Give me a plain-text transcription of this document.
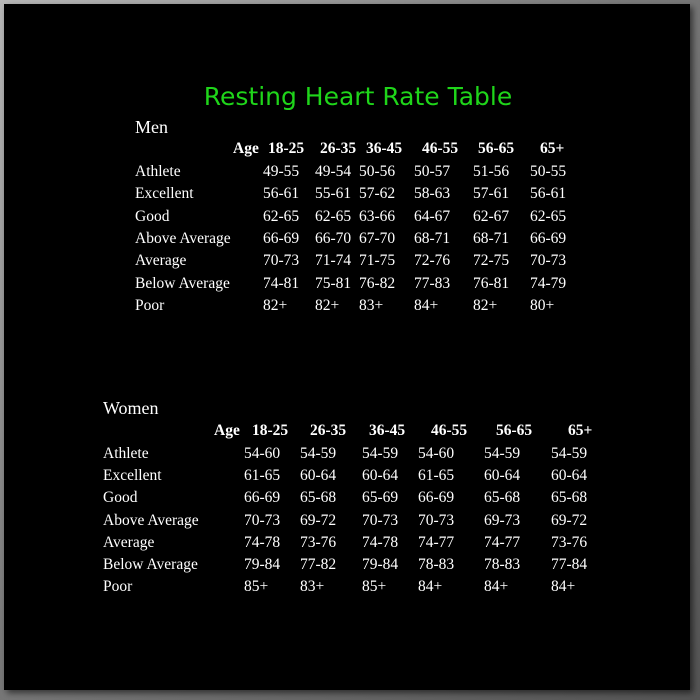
Resting Heart Rate Table
Men
Age 18-25 26-35 36-45 46-55 56-65 65+
Athlete	49-55 49-54 50-56 50-57 51-56 50-55
Excellent	56-61 55-61 57-62 58-63 57-61 56-61
Good	62-65 62-65 63-66 64-67 62-67 62-65
Above Average 66-69 66-70 67-70 68-71 68-71 66-69
Average	70-73 71-74 71-75 72-76 72-75 70-73
Below Average 74-81 75-81 76-82 77-83 76-81 74-79
Poor	82+ 82+ 83+ 84+ 82+ 80+
Women
Age 18-25 26-35 36-45 46-55 56-65 65+
Athlete	54-60 54-59 54-59 54-60 54-59 54-59
Excellent	61-65 60-64 60-64 61-65 60-64 60-64
Good	66-69 65-68 65-69 66-69 65-68 65-68
Above Average	70-73 69-72 70-73 70-73 69-73 69-72
Average	74-78 73-76 74-78 74-77 74-77 73-76
Below Average	79-84 77-82 79-84 78-83 78-83 77-84
Poor	85+ 83+ 85+ 84+	84+	84+
